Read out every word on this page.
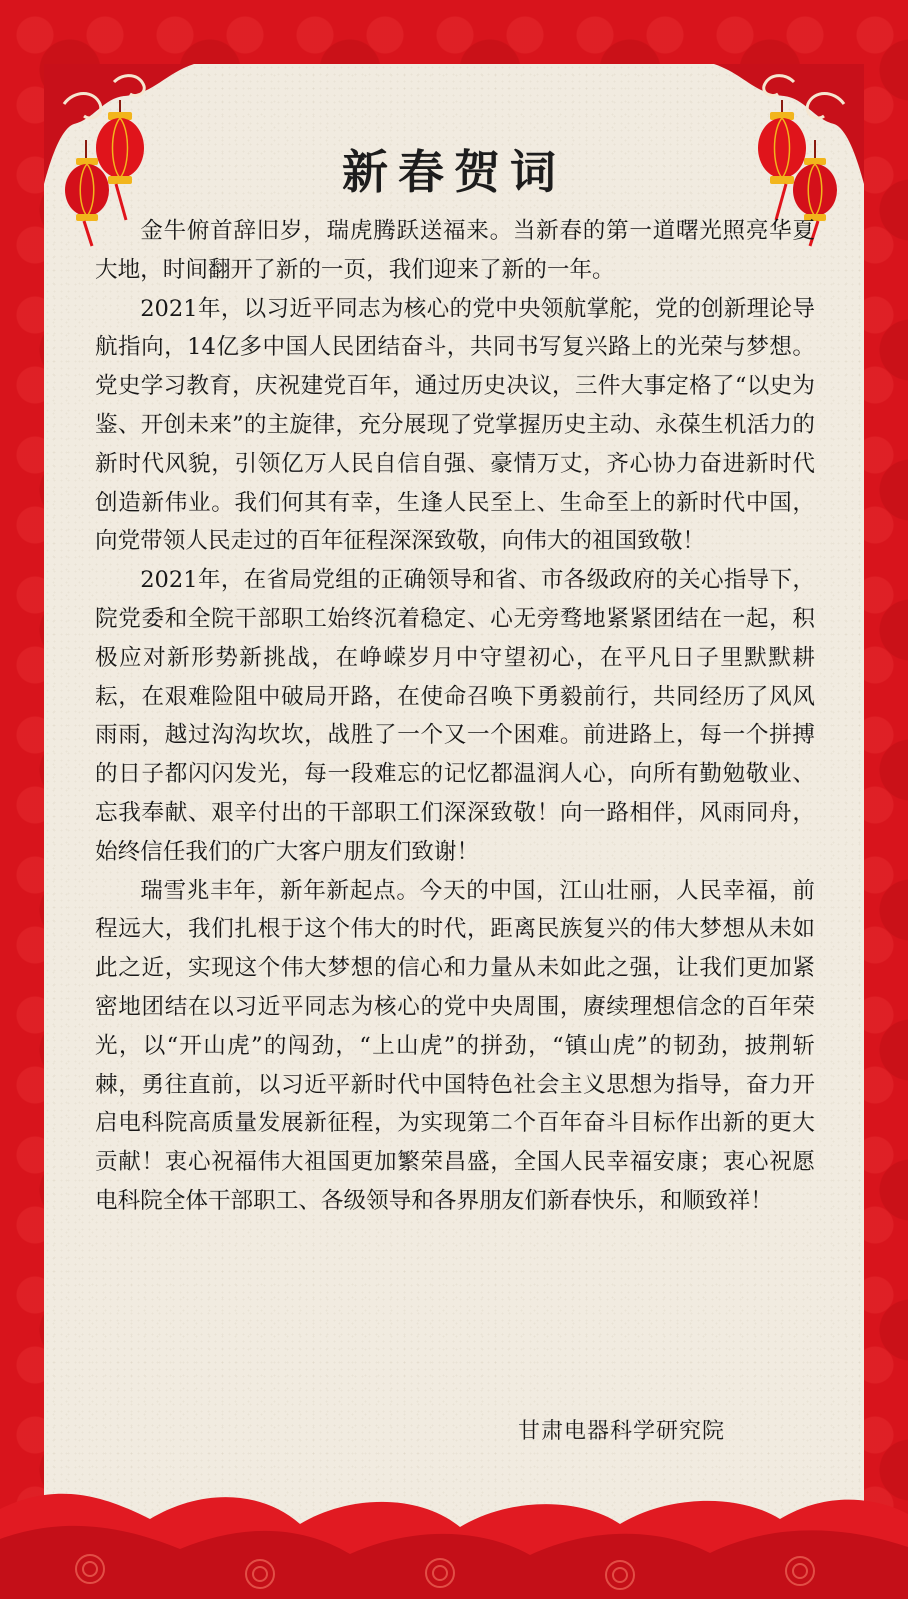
新春贺词

金牛俯首辞旧岁，瑞虎腾跃送福来。当新春的第一道曙光照亮华夏大地，时间翻开了新的一页，我们迎来了新的一年。

2021年，以习近平同志为核心的党中央领航掌舵，党的创新理论导航指向，14亿多中国人民团结奋斗，共同书写复兴路上的光荣与梦想。党史学习教育，庆祝建党百年，通过历史决议，三件大事定格了“以史为鉴、开创未来”的主旋律，充分展现了党掌握历史主动、永葆生机活力的新时代风貌，引领亿万人民自信自强、豪情万丈，齐心协力奋进新时代创造新伟业。我们何其有幸，生逢人民至上、生命至上的新时代中国，向党带领人民走过的百年征程深深致敬，向伟大的祖国致敬！

2021年，在省局党组的正确领导和省、市各级政府的关心指导下，院党委和全院干部职工始终沉着稳定、心无旁骛地紧紧团结在一起，积极应对新形势新挑战，在峥嵘岁月中守望初心，在平凡日子里默默耕耘，在艰难险阻中破局开路，在使命召唤下勇毅前行，共同经历了风风雨雨，越过沟沟坎坎，战胜了一个又一个困难。前进路上，每一个拼搏的日子都闪闪发光，每一段难忘的记忆都温润人心，向所有勤勉敬业、忘我奉献、艰辛付出的干部职工们深深致敬！向一路相伴，风雨同舟，始终信任我们的广大客户朋友们致谢！

瑞雪兆丰年，新年新起点。今天的中国，江山壮丽，人民幸福，前程远大，我们扎根于这个伟大的时代，距离民族复兴的伟大梦想从未如此之近，实现这个伟大梦想的信心和力量从未如此之强，让我们更加紧密地团结在以习近平同志为核心的党中央周围，赓续理想信念的百年荣光，以“开山虎”的闯劲，“上山虎”的拼劲，“镇山虎”的韧劲，披荆斩棘，勇往直前，以习近平新时代中国特色社会主义思想为指导，奋力开启电科院高质量发展新征程，为实现第二个百年奋斗目标作出新的更大贡献！衷心祝福伟大祖国更加繁荣昌盛，全国人民幸福安康；衷心祝愿电科院全体干部职工、各级领导和各界朋友们新春快乐，和顺致祥！

甘肃电器科学研究院
